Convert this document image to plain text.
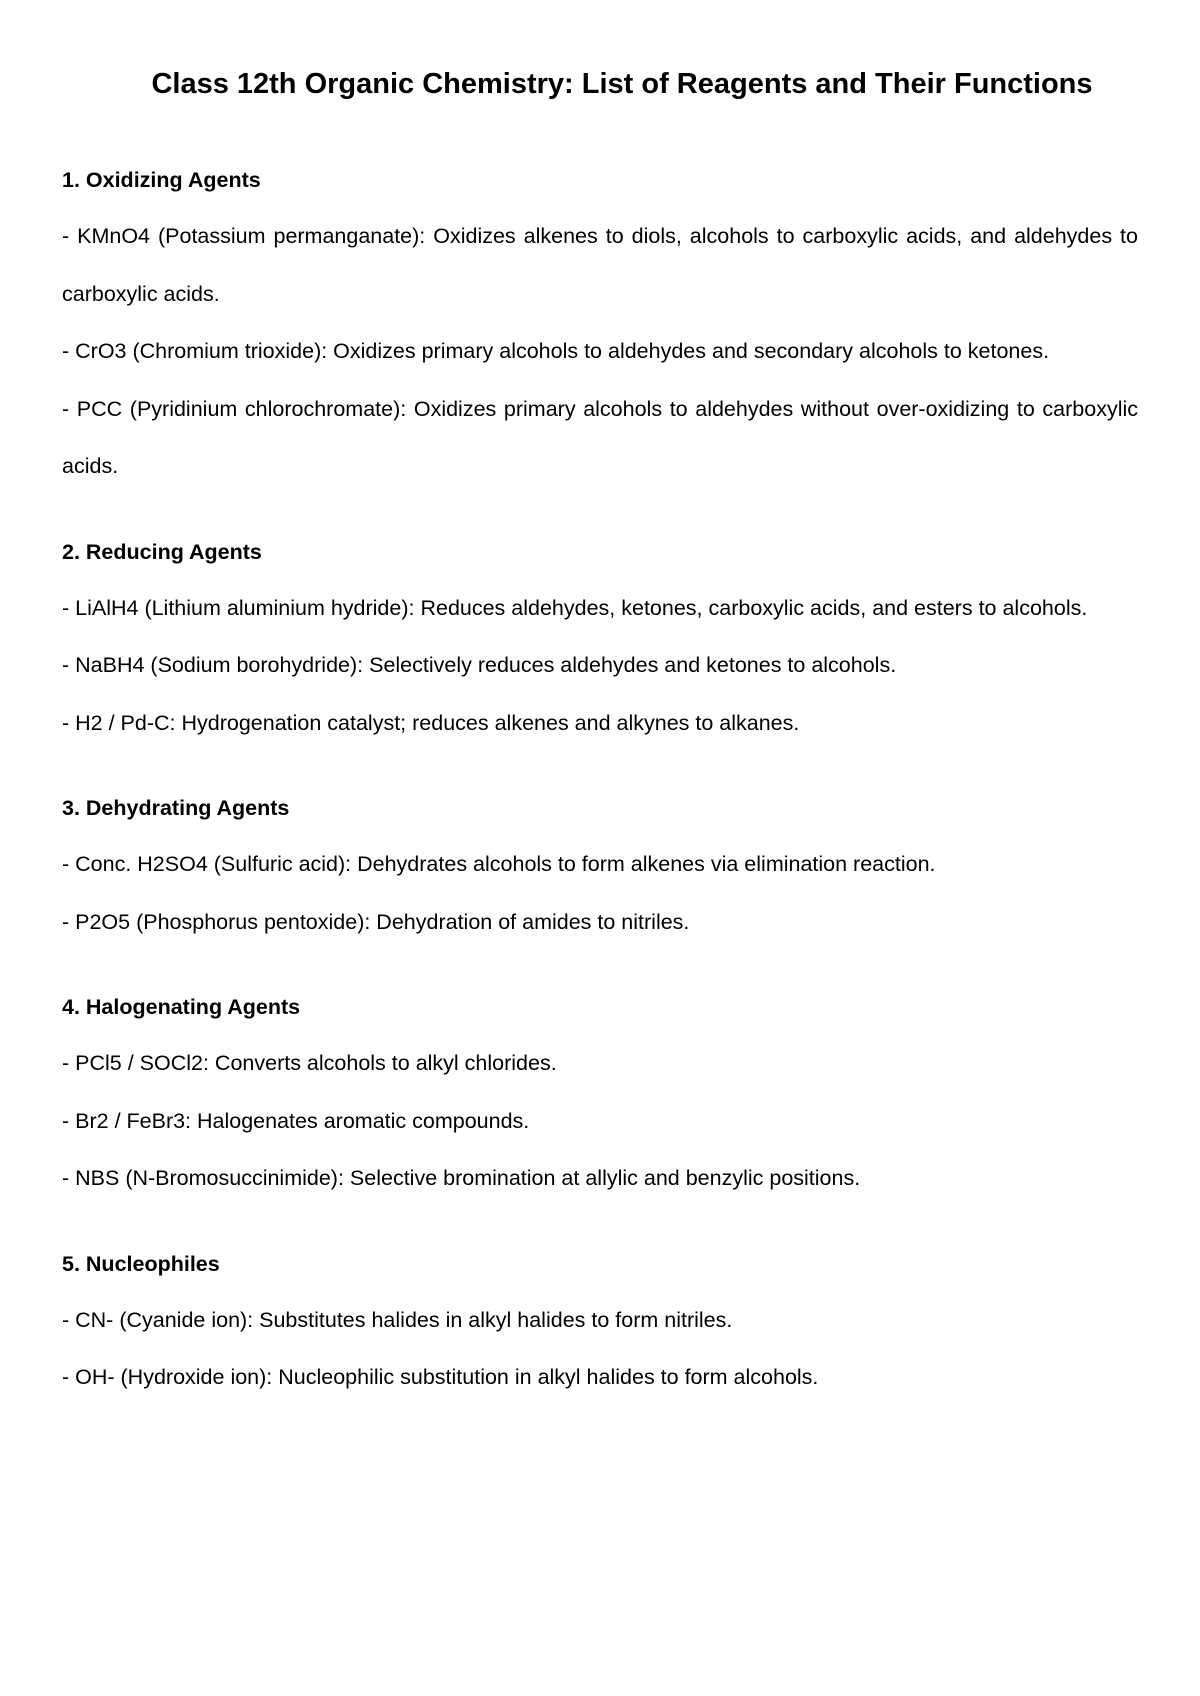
Class 12th Organic Chemistry: List of Reagents and Their Functions
1. Oxidizing Agents

- KMnO4 (Potassium permanganate): Oxidizes alkenes to diols, alcohols to carboxylic acids, and aldehydes to carboxylic acids.

- CrO3 (Chromium trioxide): Oxidizes primary alcohols to aldehydes and secondary alcohols to ketones.

- PCC (Pyridinium chlorochromate): Oxidizes primary alcohols to aldehydes without over-oxidizing to carboxylic acids.

2. Reducing Agents

- LiAlH4 (Lithium aluminium hydride): Reduces aldehydes, ketones, carboxylic acids, and esters to alcohols.

- NaBH4 (Sodium borohydride): Selectively reduces aldehydes and ketones to alcohols.

- H2 / Pd-C: Hydrogenation catalyst; reduces alkenes and alkynes to alkanes.

3. Dehydrating Agents

- Conc. H2SO4 (Sulfuric acid): Dehydrates alcohols to form alkenes via elimination reaction.

- P2O5 (Phosphorus pentoxide): Dehydration of amides to nitriles.

4. Halogenating Agents

- PCl5 / SOCl2: Converts alcohols to alkyl chlorides.

- Br2 / FeBr3: Halogenates aromatic compounds.

- NBS (N-Bromosuccinimide): Selective bromination at allylic and benzylic positions.

5. Nucleophiles

- CN- (Cyanide ion): Substitutes halides in alkyl halides to form nitriles.

- OH- (Hydroxide ion): Nucleophilic substitution in alkyl halides to form alcohols.
